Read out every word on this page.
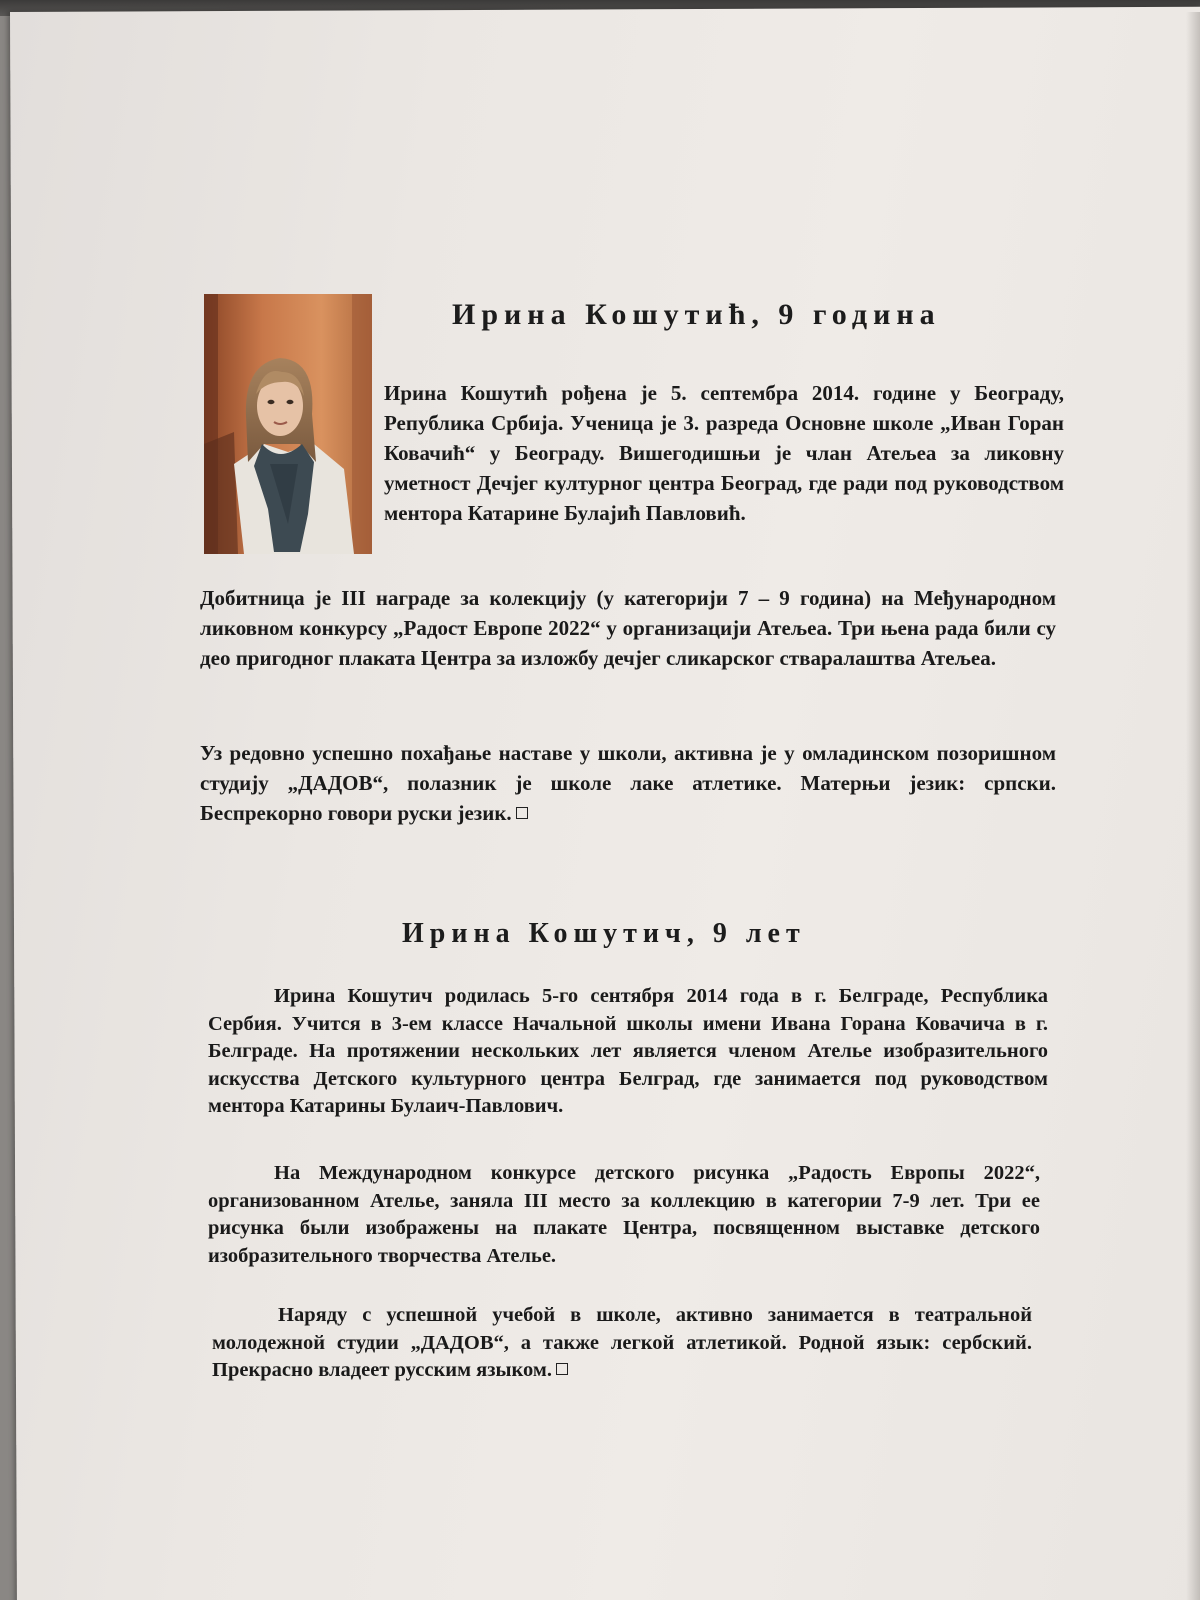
Ирина Кошутић, 9 година
Ирина Кошутић рођена је 5. септембра 2014. године у Београду, Република Србија. Ученица је 3. разреда Основне школе „Иван Горан Ковачић“ у Београду. Вишегодишњи је члан Атељеа за ликовну уметност Дечјег културног центра Београд, где ради под руководством ментора Катарине Булајић Павловић.
Добитница је III награде за колекцију (у категорији 7 – 9 година) на Међународном ликовном конкурсу „Радост Европе 2022“ у организацији Атељеа. Три њена рада били су део пригодног плаката Центра за изложбу дечјег сликарског стваралаштва Атељеа.
Уз редовно успешно похађање наставе у школи, активна је у омладинском позоришном студију „ДАДОВ“, полазник је школе лаке атлетике. Матерњи језик: српски. Беспрекорно говори руски језик.
Ирина Кошутич, 9 лет
Ирина Кошутич родилась 5-го сентября 2014 года в г. Белграде, Республика Сербия. Учится в 3-ем классе Начальной школы имени Ивана Горана Ковачича в г. Белграде. На протяжении нескольких лет является членом Ателье изобразительного искусства Детского культурного центра Белград, где занимается под руководством ментора Катарины Булаич-Павлович.
На Международном конкурсе детского рисунка „Радость Европы 2022“, организованном Ателье, заняла III место за коллекцию в категории 7-9 лет. Три ее рисунка были изображены на плакате Центра, посвященном выставке детского изобразительного творчества Ателье.
Наряду с успешной учебой в школе, активно занимается в театральной молодежной студии „ДАДОВ“, а также легкой атлетикой. Родной язык: сербский. Прекрасно владеет русским языком.
